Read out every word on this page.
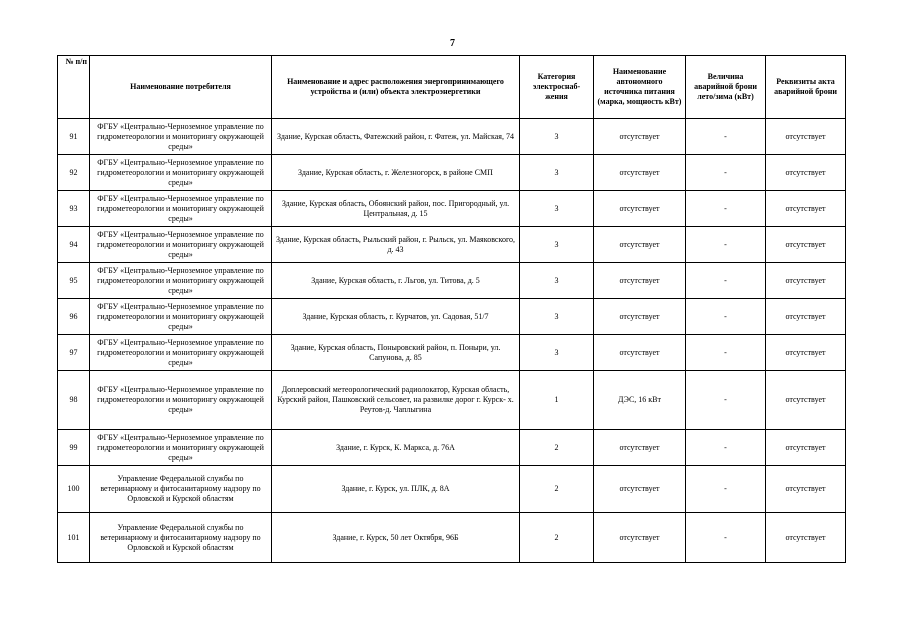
7
№ п/п	Наименование потребителя	Наименование и адрес расположения энергопринимающего устройства и (или) объекта электроэнергетики	Категория электроснаб-жения	Наименование автономного источника питания (марка, мощность кВт)	Величина аварийной брони лето/зима (кВт)	Реквизиты акта аварийной брони
91	ФГБУ «Центрально-Черноземное управление по гидрометеорологии и мониторингу окружающей среды»	Здание, Курская область, Фатежский район, г. Фатеж, ул. Майская, 74	3	отсутствует	-	отсутствует
92	ФГБУ «Центрально-Черноземное управление по гидрометеорологии и мониторингу окружающей среды»	Здание, Курская область, г. Железногорск, в районе СМП	3	отсутствует	-	отсутствует
93	ФГБУ «Центрально-Черноземное управление по гидрометеорологии и мониторингу окружающей среды»	Здание, Курская область, Обоянский район, пос. Пригородный, ул. Центральная, д. 15	3	отсутствует	-	отсутствует
94	ФГБУ «Центрально-Черноземное управление по гидрометеорологии и мониторингу окружающей среды»	Здание, Курская область, Рыльский район, г. Рыльск, ул. Маяковского, д. 43	3	отсутствует	-	отсутствует
95	ФГБУ «Центрально-Черноземное управление по гидрометеорологии и мониторингу окружающей среды»	Здание, Курская область, г. Льгов, ул. Титова, д. 5	3	отсутствует	-	отсутствует
96	ФГБУ «Центрально-Черноземное управление по гидрометеорологии и мониторингу окружающей среды»	Здание, Курская область, г. Курчатов, ул. Садовая, 51/7	3	отсутствует	-	отсутствует
97	ФГБУ «Центрально-Черноземное управление по гидрометеорологии и мониторингу окружающей среды»	Здание, Курская область, Поныровский район, п. Поныри, ул. Сапунова, д. 85	3	отсутствует	-	отсутствует
98	ФГБУ «Центрально-Черноземное управление по гидрометеорологии и мониторингу окружающей среды»	Доплеровский метеорологический радиолокатор, Курская область, Курский район, Пашковский сельсовет, на развилке дорог г. Курск- х. Реутов-д. Чаплыгина	1	ДЭС, 16 кВт	-	отсутствует
99	ФГБУ «Центрально-Черноземное управление по гидрометеорологии и мониторингу окружающей среды»	Здание, г. Курск, К. Маркса, д. 76А	2	отсутствует	-	отсутствует
100	Управление Федеральной службы по ветеринарному и фитосанитарному надзору по Орловской и Курской областям	Здание, г. Курск, ул. ПЛК, д. 8А	2	отсутствует	-	отсутствует
101	Управление Федеральной службы по ветеринарному и фитосанитарному надзору по Орловской и Курской областям	Здание, г. Курск, 50 лет Октября, 96Б	2	отсутствует	-	отсутствует
